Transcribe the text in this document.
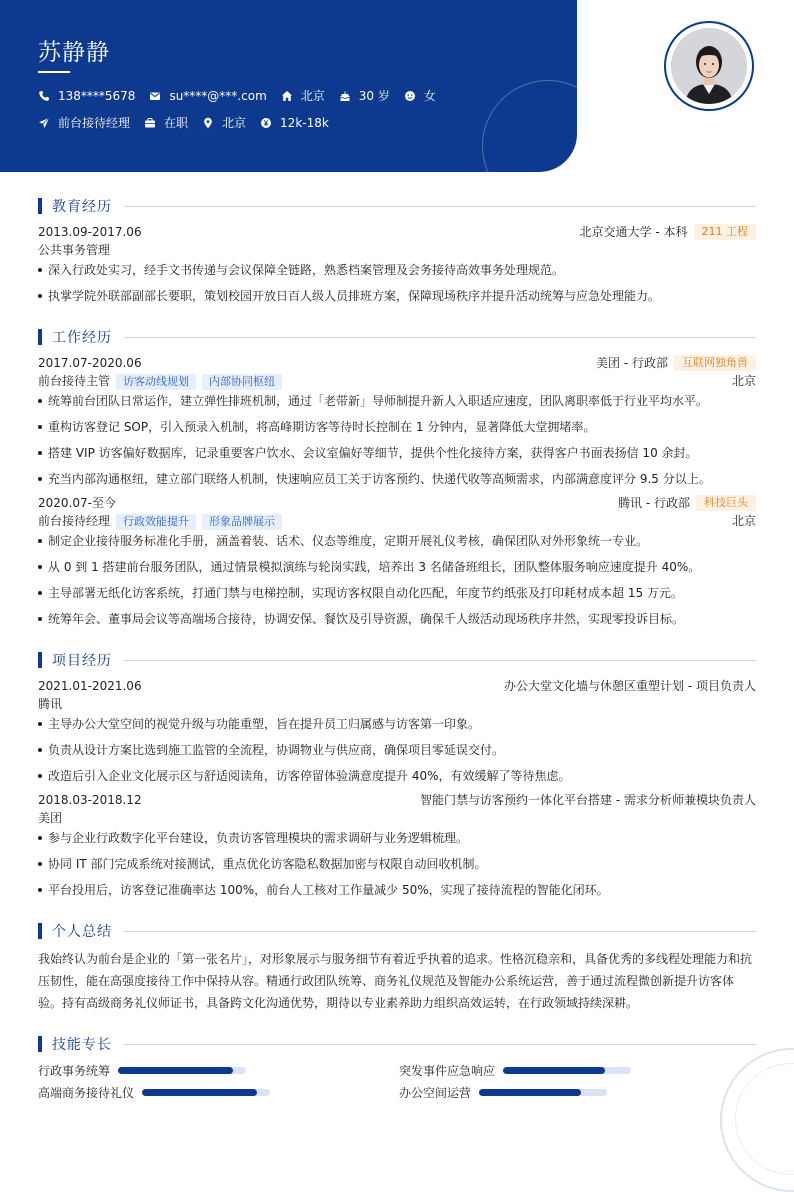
苏静静
138****5678	su****@***.com	北京	30 岁	女
前台接待经理	在职	北京	12k-18k
教育经历
2013.09-2017.06	北京交通大学 - 本科	211 工程
公共事务管理
深入行政处实习，经手文书传递与会议保障全链路，熟悉档案管理及会务接待高效事务处理规范。
执掌学院外联部副部长要职，策划校园开放日百人级人员排班方案，保障现场秩序并提升活动统筹与应急处理能力。
工作经历
2017.07-2020.06	美团 - 行政部	互联网独角兽
前台接待主管 访客动线规划 内部协同枢纽	北京
统筹前台团队日常运作，建立弹性排班机制，通过「老带新」导师制提升新人入职适应速度，团队离职率低于行业平均水平。
重构访客登记 SOP，引入预录入机制，将高峰期访客等待时长控制在 1 分钟内，显著降低大堂拥堵率。
搭建 VIP 访客偏好数据库，记录重要客户饮水、会议室偏好等细节，提供个性化接待方案，获得客户书面表扬信 10 余封。
充当内部沟通枢纽，建立部门联络人机制，快速响应员工关于访客预约、快递代收等高频需求，内部满意度评分 9.5 分以上。
2020.07-至今	腾讯 - 行政部	科技巨头
前台接待经理 行政效能提升 形象品牌展示	北京
制定企业接待服务标准化手册，涵盖着装、话术、仪态等维度，定期开展礼仪考核，确保团队对外形象统一专业。
从 0 到 1 搭建前台服务团队，通过情景模拟演练与轮岗实践，培养出 3 名储备班组长，团队整体服务响应速度提升 40%。
主导部署无纸化访客系统，打通门禁与电梯控制，实现访客权限自动化匹配，年度节约纸张及打印耗材成本超 15 万元。
统筹年会、董事局会议等高端场合接待，协调安保、餐饮及引导资源，确保千人级活动现场秩序井然，实现零投诉目标。
项目经历
2021.01-2021.06	办公大堂文化墙与休憩区重塑计划 - 项目负责人
腾讯
主导办公大堂空间的视觉升级与功能重塑，旨在提升员工归属感与访客第一印象。
负责从设计方案比选到施工监管的全流程，协调物业与供应商，确保项目零延误交付。
改造后引入企业文化展示区与舒适阅读角，访客停留体验满意度提升 40%，有效缓解了等待焦虑。
2018.03-2018.12	智能门禁与访客预约一体化平台搭建 - 需求分析师兼模块负责人
美团
参与企业行政数字化平台建设，负责访客管理模块的需求调研与业务逻辑梳理。
协同 IT 部门完成系统对接测试，重点优化访客隐私数据加密与权限自动回收机制。
平台投用后，访客登记准确率达 100%，前台人工核对工作量减少 50%，实现了接待流程的智能化闭环。
个人总结
我始终认为前台是企业的「第一张名片」，对形象展示与服务细节有着近乎执着的追求。性格沉稳亲和，具备优秀的多线程处理能力和抗压韧性，能在高强度接待工作中保持从容。精通行政团队统筹、商务礼仪规范及智能办公系统运营，善于通过流程微创新提升访客体验。持有高级商务礼仪师证书，具备跨文化沟通优势，期待以专业素养助力组织高效运转，在行政领域持续深耕。
技能专长
行政事务统筹	突发事件应急响应
高端商务接待礼仪	办公空间运营
